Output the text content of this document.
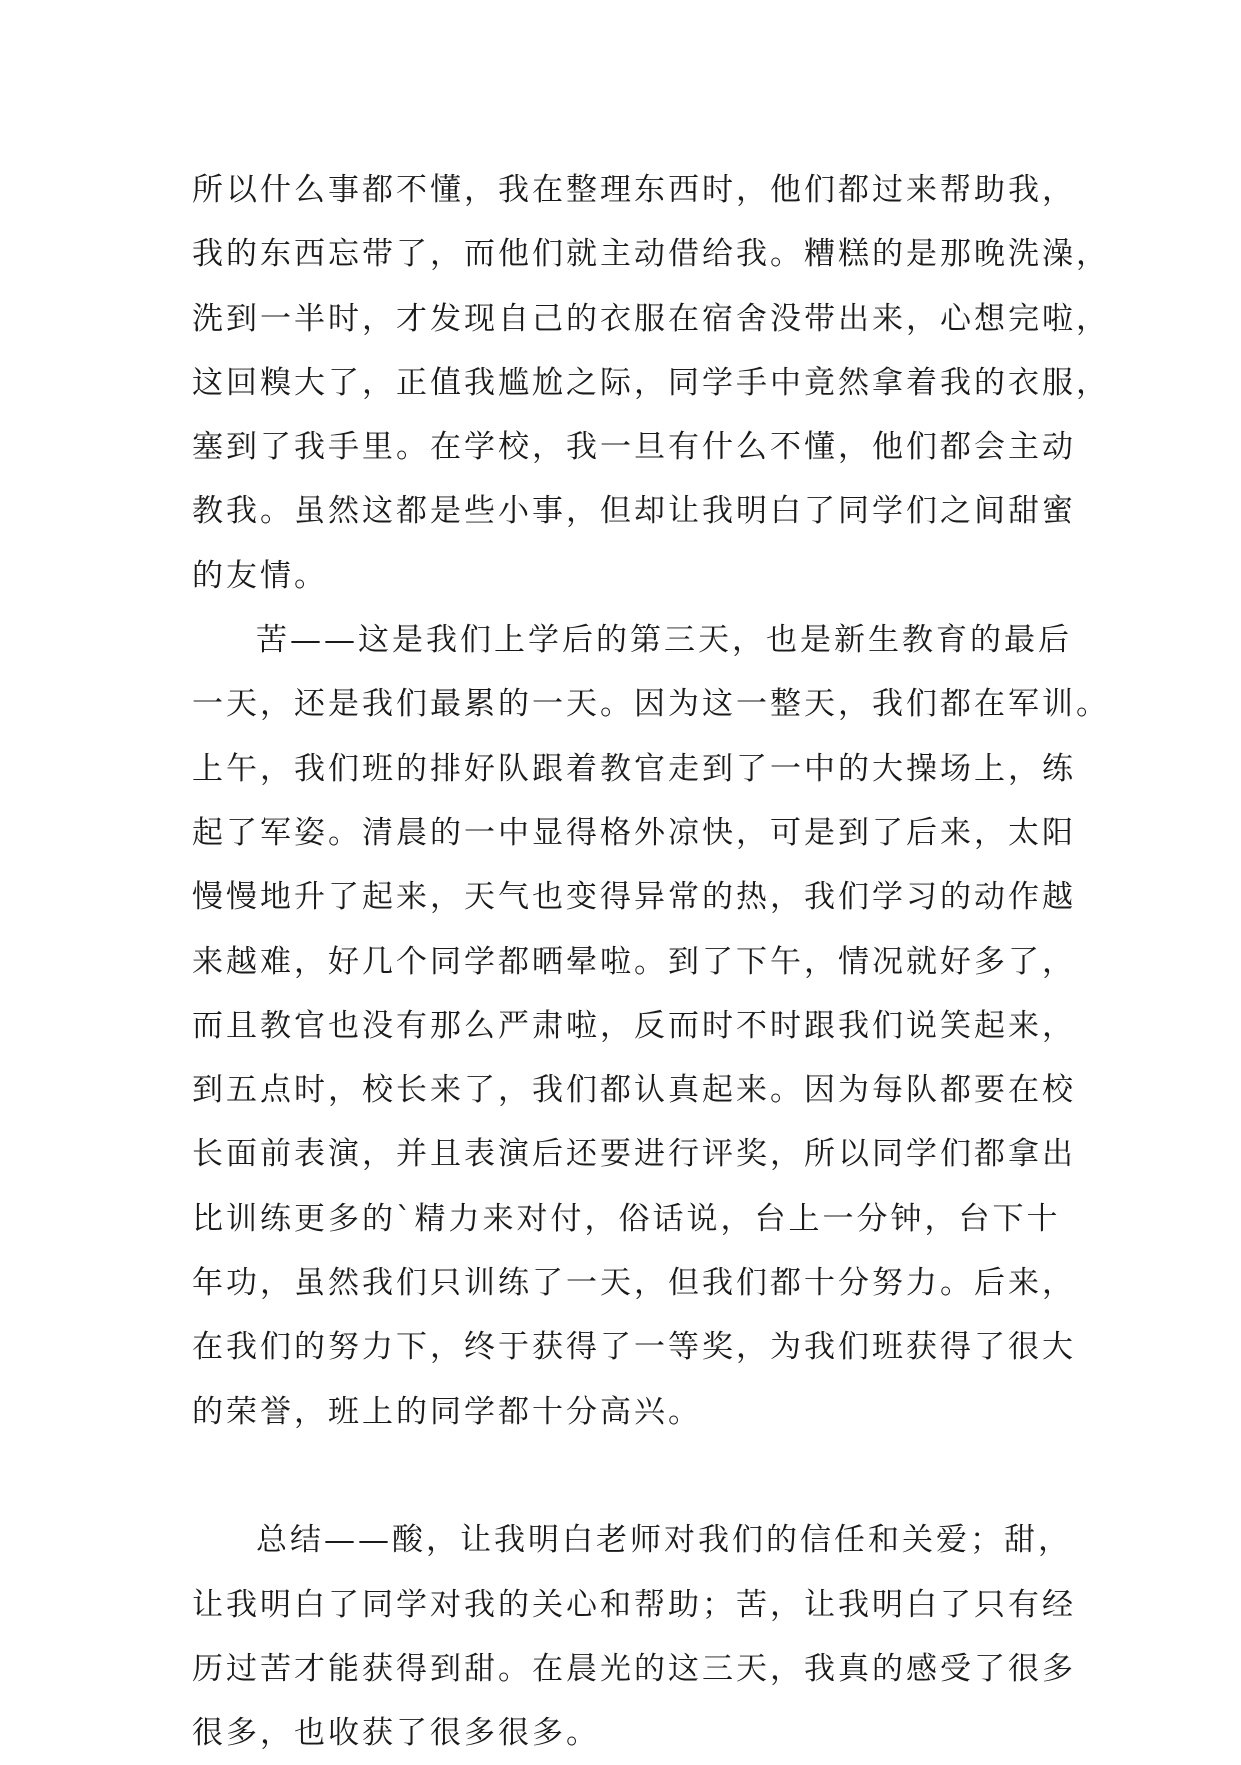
所以什么事都不懂，我在整理东西时，他们都过来帮助我，
我的东西忘带了，而他们就主动借给我。糟糕的是那晚洗澡，
洗到一半时，才发现自己的衣服在宿舍没带出来，心想完啦，
这回糗大了，正值我尴尬之际，同学手中竟然拿着我的衣服，
塞到了我手里。在学校，我一旦有什么不懂，他们都会主动
教我。虽然这都是些小事，但却让我明白了同学们之间甜蜜
的友情。
苦——这是我们上学后的第三天，也是新生教育的最后
一天，还是我们最累的一天。因为这一整天，我们都在军训。
上午，我们班的排好队跟着教官走到了一中的大操场上，练
起了军姿。清晨的一中显得格外凉快，可是到了后来，太阳
慢慢地升了起来，天气也变得异常的热，我们学习的动作越
来越难，好几个同学都晒晕啦。到了下午，情况就好多了，
而且教官也没有那么严肃啦，反而时不时跟我们说笑起来，
到五点时，校长来了，我们都认真起来。因为每队都要在校
长面前表演，并且表演后还要进行评奖，所以同学们都拿出
比训练更多的`精力来对付，俗话说，台上一分钟，台下十
年功，虽然我们只训练了一天，但我们都十分努力。后来，
在我们的努力下，终于获得了一等奖，为我们班获得了很大
的荣誉，班上的同学都十分高兴。
总结——酸，让我明白老师对我们的信任和关爱；甜，
让我明白了同学对我的关心和帮助；苦，让我明白了只有经
历过苦才能获得到甜。在晨光的这三天，我真的感受了很多
很多，也收获了很多很多。
